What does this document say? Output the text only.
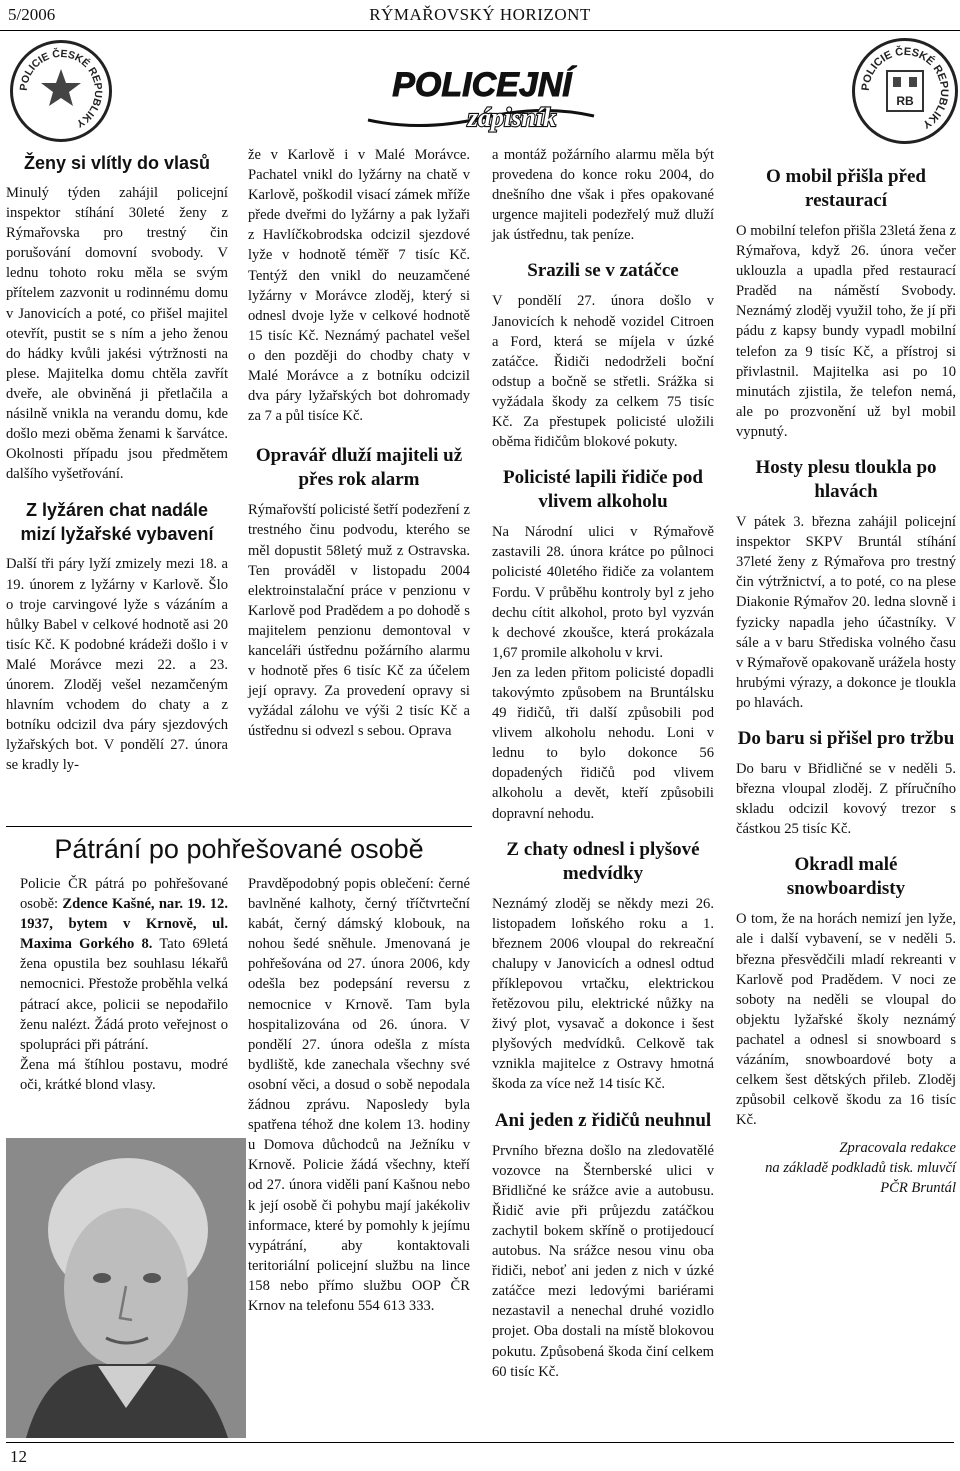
5/2006	RÝMAŘOVSKÝ HORIZONT
POLICIE ČESKÉ REPUBLIKY
POLICEJNÍ
zápisník
POLICIE ČESKÉ REPUBLIKY
RB
Ženy si vlítly do vlasů

Minulý týden zahájil policejní inspektor stíhání 30leté ženy z Rýmařovska pro trestný čin porušování domovní svobody. V lednu tohoto roku měla se svým přítelem zazvonit u rodinnému domu v Janovicích a poté, co přišel majitel otevřít, pustit se s ním a jeho ženou do hádky kvůli jakési výtržnosti na plese. Majitelka domu chtěla zavřít dveře, ale obviněná ji přetlačila a násilně vnikla na verandu domu, kde došlo mezi oběma ženami k šarvátce. Okolnosti případu jsou předmětem dalšího vyšetřování.

Z lyžáren chat nadále mizí lyžařské vybavení

Další tři páry lyží zmizely mezi 18. a 19. únorem z lyžárny v Karlově. Šlo o troje carvingové lyže s vázáním a hůlky Babel v celkové hodnotě asi 20 tisíc Kč. K podobné krádeži došlo i v Malé Morávce mezi 22. a 23. únorem. Zloděj vešel nezamčeným hlavním vchodem do chaty a z botníku odcizil dva páry sjezdových lyžařských bot. V pondělí 27. února se kradly ly-

že v Karlově i v Malé Morávce. Pachatel vnikl do lyžárny na chatě v Karlově, poškodil visací zámek mříže přede dveřmi do lyžárny a pak lyžaři z Havlíčkobrodska odcizil sjezdové lyže v hodnotě téměř 7 tisíc Kč. Tentýž den vnikl do neuzamčené lyžárny v Morávce zloděj, který si odnesl dvoje lyže v celkové hodnotě 15 tisíc Kč. Neznámý pachatel vešel o den později do chodby chaty v Malé Morávce a z botníku odcizil dva páry lyžařských bot dohromady za 7 a půl tisíce Kč.

Opravář dluží majiteli už přes rok alarm

Rýmařovští policisté šetří podezření z trestného činu podvodu, kterého se měl dopustit 58letý muž z Ostravska. Ten prováděl v listopadu 2004 elektroinstalační práce v penzionu v Karlově pod Pradědem a po dohodě s majitelem penzionu demontoval v kanceláři ústřednu požárního alarmu v hodnotě přes 6 tisíc Kč za účelem její opravy. Za provedení opravy si vyžádal zálohu ve výši 2 tisíc Kč a ústřednu si odvezl s sebou. Oprava

a montáž požárního alarmu měla být provedena do konce roku 2004, do dnešního dne však i přes opakované urgence majiteli podezřelý muž dluží jak ústřednu, tak peníze.

Srazili se v zatáčce

V pondělí 27. února došlo v Janovicích k nehodě vozidel Citroen a Ford, která se míjela v úzké zatáčce. Řidiči nedodrželi boční odstup a bočně se střetli. Srážka si vyžádala škody za celkem 75 tisíc Kč. Za přestupek policisté uložili oběma řidičům blokové pokuty.

Policisté lapili řidiče pod vlivem alkoholu

Na Národní ulici v Rýmařově zastavili 28. února krátce po půlnoci policisté 40letého řidiče za volantem Fordu. V průběhu kontroly byl z jeho dechu cítit alkohol, proto byl vyzván k dechové zkoušce, která prokázala 1,67 promile alkoholu v krvi.

Jen za leden přitom policisté dopadli takovýmto způsobem na Bruntálsku 49 řidičů, tři další způsobili pod vlivem alkoholu nehodu. Loni v lednu to bylo dokonce 56 dopadených řidičů pod vlivem alkoholu a devět, kteří způsobili dopravní nehodu.

Z chaty odnesl i plyšové medvídky

Neznámý zloděj se někdy mezi 26. listopadem loňského roku a 1. březnem 2006 vloupal do rekreační chalupy v Janovicích a odnesl odtud příklepovou vrtačku, elektrickou řetězovou pilu, elektrické nůžky na živý plot, vysavač a dokonce i šest plyšových medvídků. Celkově tak vznikla majitelce z Ostravy hmotná škoda za více než 14 tisíc Kč.

Ani jeden z řidičů neuhnul

Prvního března došlo na zledovatělé vozovce na Šternberské ulici v Břidličné ke srážce avie a autobusu. Řidič avie při průjezdu zatáčkou zachytil bokem skříně o protijedoucí autobus. Na srážce nesou vinu oba řidiči, neboť ani jeden z nich v úzké zatáčce mezi ledovými bariérami nezastavil a nenechal druhé vozidlo projet. Oba dostali na místě blokovou pokutu. Způsobená škoda činí celkem 60 tisíc Kč.

O mobil přišla před restaurací

O mobilní telefon přišla 23letá žena z Rýmařova, když 26. února večer uklouzla a upadla před restaurací Praděd na náměstí Svobody. Neznámý zloděj využil toho, že jí při pádu z kapsy bundy vypadl mobilní telefon za 9 tisíc Kč, a přístroj si přivlastnil. Majitelka asi po 10 minutách zjistila, že telefon nemá, ale po prozvonění už byl mobil vypnutý.

Hosty plesu tloukla po hlavách

V pátek 3. března zahájil policejní inspektor SKPV Bruntál stíhání 37leté ženy z Rýmařova pro trestný čin výtržnictví, a to poté, co na plese Diakonie Rýmařov 20. ledna slovně i fyzicky napadla jeho účastníky. V sále a v baru Střediska volného času v Rýmařově opakovaně urážela hosty hrubými výrazy, a dokonce je tloukla po hlavách.

Do baru si přišel pro tržbu

Do baru v Břidličné se v neděli 5. března vloupal zloděj. Z příručního skladu odcizil kovový trezor s částkou 25 tisíc Kč.

Okradl malé snowboardisty

O tom, že na horách nemizí jen lyže, ale i další vybavení, se v neděli 5. března přesvědčili mladí rekreanti v Karlově pod Pradědem. V noci ze soboty na neděli se vloupal do objektu lyžařské školy neznámý pachatel a odnesl si snowboard s vázáním, snowboardové boty a celkem šest dětských přileb. Zloděj způsobil celkově škodu za 16 tisíc Kč.

Zpracovala redakce
na základě podkladů tisk. mluvčí
PČR Bruntál
Pátrání po pohřešované osobě

Policie ČR pátrá po pohřešované osobě: Zdence Kašné, nar. 19. 12. 1937, bytem v Krnově, ul. Maxima Gorkého 8. Tato 69letá žena opustila bez souhlasu lékařů nemocnici. Přestože proběhla velká pátrací akce, policii se nepodařilo ženu nalézt. Žádá proto veřejnost o spolupráci při pátrání.

Žena má štíhlou postavu, modré oči, krátké blond vlasy.

Pravděpodobný popis oblečení: černé bavlněné kalhoty, černý tříčtvrteční kabát, černý dámský klobouk, na nohou šedé sněhule. Jmenovaná je pohřešována od 27. února 2006, kdy odešla bez podepsání reversu z nemocnice v Krnově. Tam byla hospitalizována od 26. února. V pondělí 27. února odešla z místa bydliště, kde zanechala všechny své osobní věci, a dosud o sobě nepodala žádnou zprávu. Naposledy byla spatřena téhož dne kolem 13. hodiny u Domova důchodců na Ježníku v Krnově. Policie žádá všechny, kteří od 27. února viděli paní Kašnou nebo k její osobě či pohybu mají jakékoliv informace, které by pomohly k jejímu vypátrání, aby kontaktovali teritoriální policejní službu na lince 158 nebo přímo službu OOP ČR Krnov na telefonu 554 613 333.

12
